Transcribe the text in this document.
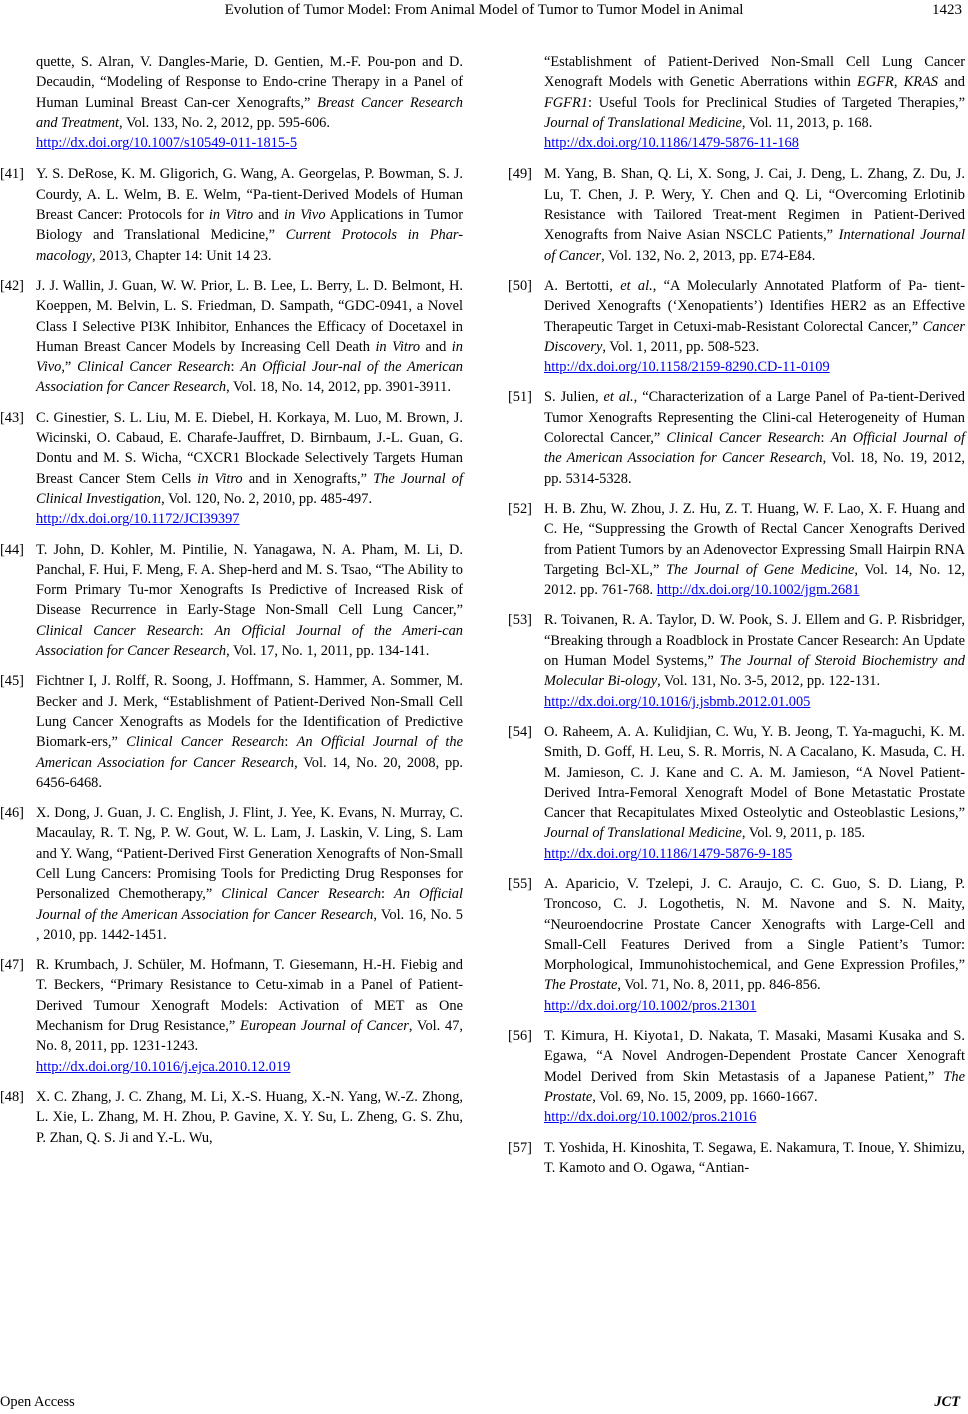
Evolution of Tumor Model: From Animal Model of Tumor to Tumor Model in Animal	1423
quette, S. Alran, V. Dangles-Marie, D. Gentien, M.-F. Pou-pon and D. Decaudin, “Modeling of Response to Endo-crine Therapy in a Panel of Human Luminal Breast Can-cer Xenografts,” Breast Cancer Research and Treatment, Vol. 133, No. 2, 2012, pp. 595-606.
http://dx.doi.org/10.1007/s10549-011-1815-5
[41] Y. S. DeRose, K. M. Gligorich, G. Wang, A. Georgelas, P. Bowman, S. J. Courdy, A. L. Welm, B. E. Welm, “Pa-tient-Derived Models of Human Breast Cancer: Protocols for in Vitro and in Vivo Applications in Tumor Biology and Translational Medicine,” Current Protocols in Phar-macology, 2013, Chapter 14: Unit 14 23.
[42] J. J. Wallin, J. Guan, W. W. Prior, L. B. Lee, L. Berry, L. D. Belmont, H. Koeppen, M. Belvin, L. S. Friedman, D. Sampath, “GDC-0941, a Novel Class I Selective PI3K Inhibitor, Enhances the Efficacy of Docetaxel in Human Breast Cancer Models by Increasing Cell Death in Vitro and in Vivo,” Clinical Cancer Research: An Official Jour-nal of the American Association for Cancer Research, Vol. 18, No. 14, 2012, pp. 3901-3911.
[43] C. Ginestier, S. L. Liu, M. E. Diebel, H. Korkaya, M. Luo, M. Brown, J. Wicinski, O. Cabaud, E. Charafe-Jauffret, D. Birnbaum, J.-L. Guan, G. Dontu and M. S. Wicha, “CXCR1 Blockade Selectively Targets Human Breast Cancer Stem Cells in Vitro and in Xenografts,” The Journal of Clinical Investigation, Vol. 120, No. 2, 2010, pp. 485-497.
http://dx.doi.org/10.1172/JCI39397
[44] T. John, D. Kohler, M. Pintilie, N. Yanagawa, N. A. Pham, M. Li, D. Panchal, F. Hui, F. Meng, F. A. Shep-herd and M. S. Tsao, “The Ability to Form Primary Tu-mor Xenografts Is Predictive of Increased Risk of Disease Recurrence in Early-Stage Non-Small Cell Lung Cancer,” Clinical Cancer Research: An Official Journal of the Ameri-can Association for Cancer Research, Vol. 17, No. 1, 2011, pp. 134-141.
[45] Fichtner I, J. Rolff, R. Soong, J. Hoffmann, S. Hammer, A. Sommer, M. Becker and J. Merk, “Establishment of Patient-Derived Non-Small Cell Lung Cancer Xenografts as Models for the Identification of Predictive Biomark-ers,” Clinical Cancer Research: An Official Journal of the American Association for Cancer Research, Vol. 14, No. 20, 2008, pp. 6456-6468.
[46] X. Dong, J. Guan, J. C. English, J. Flint, J. Yee, K. Evans, N. Murray, C. Macaulay, R. T. Ng, P. W. Gout, W. L. Lam, J. Laskin, V. Ling, S. Lam and Y. Wang, “Patient-Derived First Generation Xenografts of Non-Small Cell Lung Cancers: Promising Tools for Predicting Drug Responses for Personalized Chemotherapy,” Clinical Cancer Research: An Official Journal of the American Association for Cancer Research, Vol. 16, No. 5 , 2010, pp. 1442-1451.
[47] R. Krumbach, J. Schüler, M. Hofmann, T. Giesemann, H.-H. Fiebig and T. Beckers, “Primary Resistance to Cetu-ximab in a Panel of Patient-Derived Tumour Xenograft Models: Activation of MET as One Mechanism for Drug Resistance,” European Journal of Cancer, Vol. 47, No. 8, 2011, pp. 1231-1243.
http://dx.doi.org/10.1016/j.ejca.2010.12.019
[48] X. C. Zhang, J. C. Zhang, M. Li, X.-S. Huang, X.-N. Yang, W.-Z. Zhong, L. Xie, L. Zhang, M. H. Zhou, P. Gavine, X. Y. Su, L. Zheng, G. S. Zhu, P. Zhan, Q. S. Ji and Y.-L. Wu,
“Establishment of Patient-Derived Non-Small Cell Lung Cancer Xenograft Models with Genetic Aberrations within EGFR, KRAS and FGFR1: Useful Tools for Preclinical Studies of Targeted Therapies,” Journal of Translational Medicine, Vol. 11, 2013, p. 168.
http://dx.doi.org/10.1186/1479-5876-11-168
[49] M. Yang, B. Shan, Q. Li, X. Song, J. Cai, J. Deng, L. Zhang, Z. Du, J. Lu, T. Chen, J. P. Wery, Y. Chen and Q. Li, “Overcoming Erlotinib Resistance with Tailored Treat-ment Regimen in Patient-Derived Xenografts from Naive Asian NSCLC Patients,” International Journal of Cancer, Vol. 132, No. 2, 2013, pp. E74-E84.
[50] A. Bertotti, et al., “A Molecularly Annotated Platform of Pa- tient-Derived Xenografts (‘Xenopatients’) Identifies HER2 as an Effective Therapeutic Target in Cetuxi-mab-Resistant Colorectal Cancer,” Cancer Discovery, Vol. 1, 2011, pp. 508-523.
http://dx.doi.org/10.1158/2159-8290.CD-11-0109
[51] S. Julien, et al., “Characterization of a Large Panel of Pa-tient-Derived Tumor Xenografts Representing the Clini-cal Heterogeneity of Human Colorectal Cancer,” Clinical Cancer Research: An Official Journal of the American Association for Cancer Research, Vol. 18, No. 19, 2012, pp. 5314-5328.
[52] H. B. Zhu, W. Zhou, J. Z. Hu, Z. T. Huang, W. F. Lao, X. F. Huang and C. He, “Suppressing the Growth of Rectal Cancer Xenografts Derived from Patient Tumors by an Adenovector Expressing Small Hairpin RNA Targeting Bcl-XL,” The Journal of Gene Medicine, Vol. 14, No. 12, 2012. pp. 761-768. http://dx.doi.org/10.1002/jgm.2681
[53] R. Toivanen, R. A. Taylor, D. W. Pook, S. J. Ellem and G. P. Risbridger, “Breaking through a Roadblock in Prostate Cancer Research: An Update on Human Model Systems,” The Journal of Steroid Biochemistry and Molecular Bi-ology, Vol. 131, No. 3-5, 2012, pp. 122-131.
http://dx.doi.org/10.1016/j.jsbmb.2012.01.005
[54] O. Raheem, A. A. Kulidjian, C. Wu, Y. B. Jeong, T. Ya-maguchi, K. M. Smith, D. Goff, H. Leu, S. R. Morris, N. A Cacalano, K. Masuda, C. H. M. Jamieson, C. J. Kane and C. A. M. Jamieson, “A Novel Patient-Derived Intra-Femoral Xenograft Model of Bone Metastatic Prostate Cancer that Recapitulates Mixed Osteolytic and Osteoblastic Lesions,” Journal of Translational Medicine, Vol. 9, 2011, p. 185.
http://dx.doi.org/10.1186/1479-5876-9-185
[55] A. Aparicio, V. Tzelepi, J. C. Araujo, C. C. Guo, S. D. Liang, P. Troncoso, C. J. Logothetis, N. M. Navone and S. N. Maity, “Neuroendocrine Prostate Cancer Xenografts with Large-Cell and Small-Cell Features Derived from a Single Patient’s Tumor: Morphological, Immunohistochemical, and Gene Expression Profiles,” The Prostate, Vol. 71, No. 8, 2011, pp. 846-856.
http://dx.doi.org/10.1002/pros.21301
[56] T. Kimura, H. Kiyota1, D. Nakata, T. Masaki, Masami Kusaka and S. Egawa, “A Novel Androgen-Dependent Prostate Cancer Xenograft Model Derived from Skin Metastasis of a Japanese Patient,” The Prostate, Vol. 69, No. 15, 2009, pp. 1660-1667.
http://dx.doi.org/10.1002/pros.21016
[57] T. Yoshida, H. Kinoshita, T. Segawa, E. Nakamura, T. Inoue, Y. Shimizu, T. Kamoto and O. Ogawa, “Antian-
Open Access	JCT
